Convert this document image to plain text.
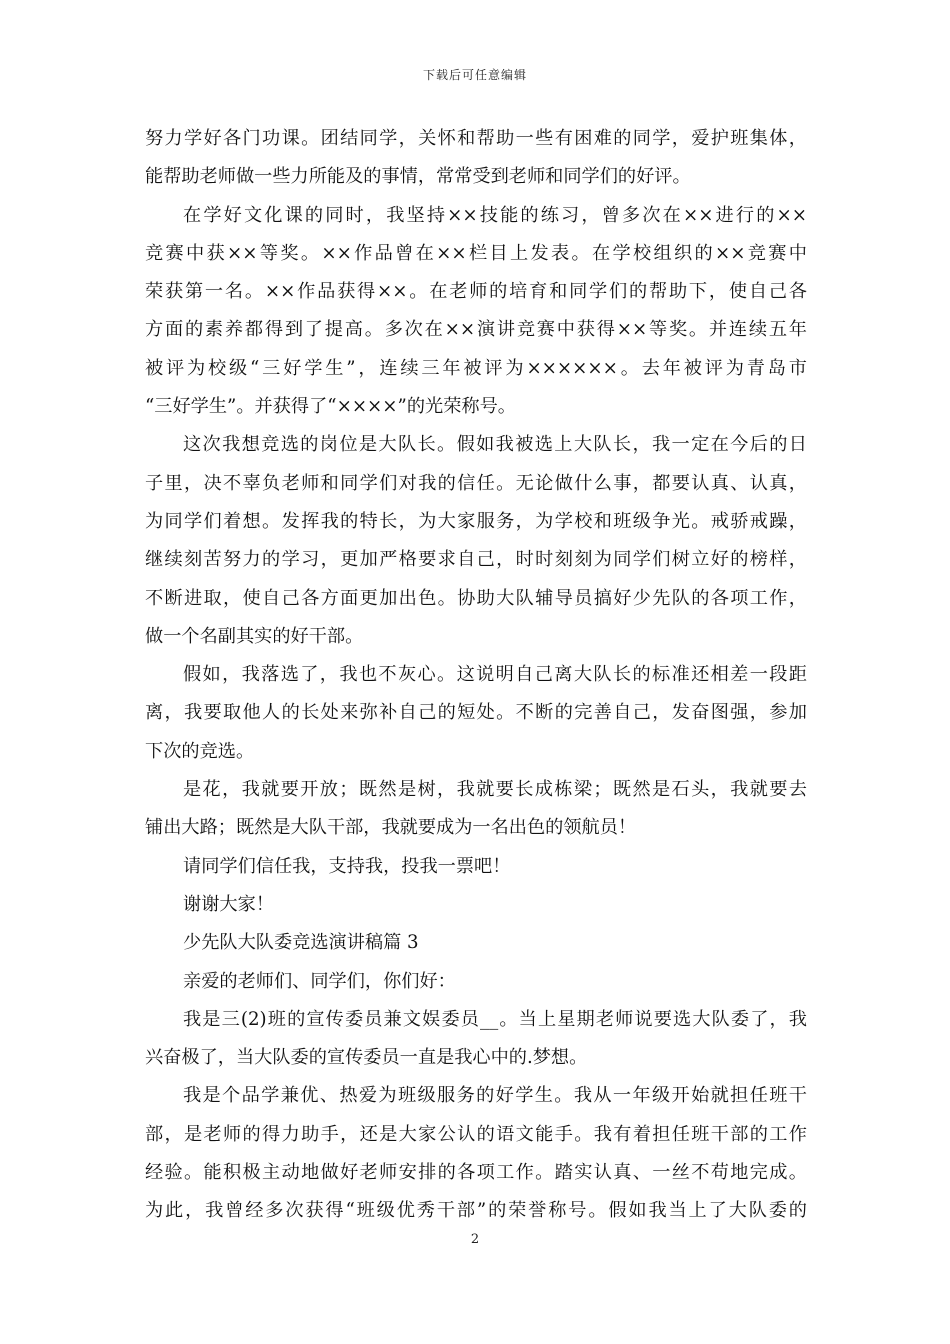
下载后可任意编辑
努力学好各门功课。团结同学，关怀和帮助一些有困难的同学，爱护班集体，
能帮助老师做一些力所能及的事情，常常受到老师和同学们的好评。
在学好文化课的同时，我坚持××技能的练习，曾多次在××进行的××
竞赛中获××等奖。××作品曾在××栏目上发表。在学校组织的××竞赛中
荣获第一名。××作品获得××。在老师的培育和同学们的帮助下，使自己各
方面的素养都得到了提高。多次在××演讲竞赛中获得××等奖。并连续五年
被评为校级“三好学生”，连续三年被评为××××××。去年被评为青岛市
“三好学生”。并获得了“××××”的光荣称号。
这次我想竞选的岗位是大队长。假如我被选上大队长，我一定在今后的日
子里，决不辜负老师和同学们对我的信任。无论做什么事，都要认真、认真，
为同学们着想。发挥我的特长，为大家服务，为学校和班级争光。戒骄戒躁，
继续刻苦努力的学习，更加严格要求自己，时时刻刻为同学们树立好的榜样，
不断进取，使自己各方面更加出色。协助大队辅导员搞好少先队的各项工作，
做一个名副其实的好干部。
假如，我落选了，我也不灰心。这说明自己离大队长的标准还相差一段距
离，我要取他人的长处来弥补自己的短处。不断的完善自己，发奋图强，参加
下次的竞选。
是花，我就要开放；既然是树，我就要长成栋梁；既然是石头，我就要去
铺出大路；既然是大队干部，我就要成为一名出色的领航员！
请同学们信任我，支持我，投我一票吧！
谢谢大家！
少先队大队委竞选演讲稿篇 3
亲爱的老师们、同学们，你们好：
我是三(2)班的宣传委员兼文娱委员__。当上星期老师说要选大队委了，我
兴奋极了，当大队委的宣传委员一直是我心中的.梦想。
我是个品学兼优、热爱为班级服务的好学生。我从一年级开始就担任班干
部，是老师的得力助手，还是大家公认的语文能手。我有着担任班干部的工作
经验。能积极主动地做好老师安排的各项工作。踏实认真、一丝不苟地完成。
为此，我曾经多次获得“班级优秀干部”的荣誉称号。假如我当上了大队委的
2
